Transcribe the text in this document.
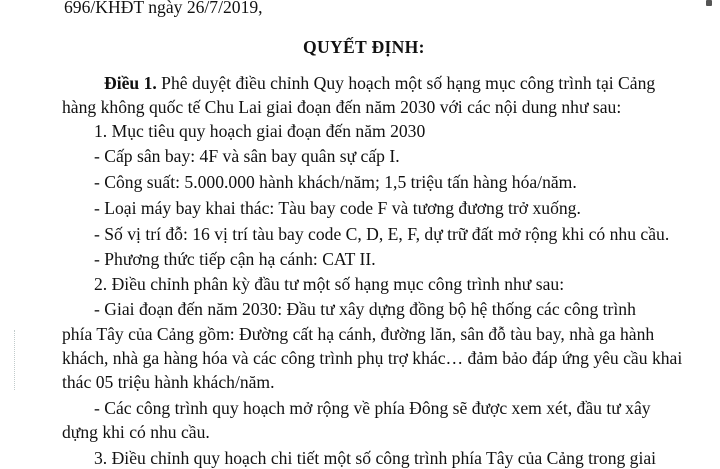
696/KHĐT ngày 26/7/2019,
QUYẾT ĐỊNH:
Điều 1. Phê duyệt điều chỉnh Quy hoạch một số hạng mục công trình tại Cảng
hàng không quốc tế Chu Lai giai đoạn đến năm 2030 với các nội dung như sau:
1. Mục tiêu quy hoạch giai đoạn đến năm 2030
- Cấp sân bay: 4F và sân bay quân sự cấp I.
- Công suất: 5.000.000 hành khách/năm; 1,5 triệu tấn hàng hóa/năm.
- Loại máy bay khai thác: Tàu bay code F và tương đương trở xuống.
- Số vị trí đỗ: 16 vị trí tàu bay code C, D, E, F, dự trữ đất mở rộng khi có nhu cầu.
- Phương thức tiếp cận hạ cánh: CAT II.
2. Điều chỉnh phân kỳ đầu tư một số hạng mục công trình như sau:
- Giai đoạn đến năm 2030: Đầu tư xây dựng đồng bộ hệ thống các công trình
phía Tây của Cảng gồm: Đường cất hạ cánh, đường lăn, sân đỗ tàu bay, nhà ga hành
khách, nhà ga hàng hóa và các công trình phụ trợ khác… đảm bảo đáp ứng yêu cầu khai
thác 05 triệu hành khách/năm.
- Các công trình quy hoạch mở rộng về phía Đông sẽ được xem xét, đầu tư xây
dựng khi có nhu cầu.
3. Điều chỉnh quy hoạch chi tiết một số công trình phía Tây của Cảng trong giai
